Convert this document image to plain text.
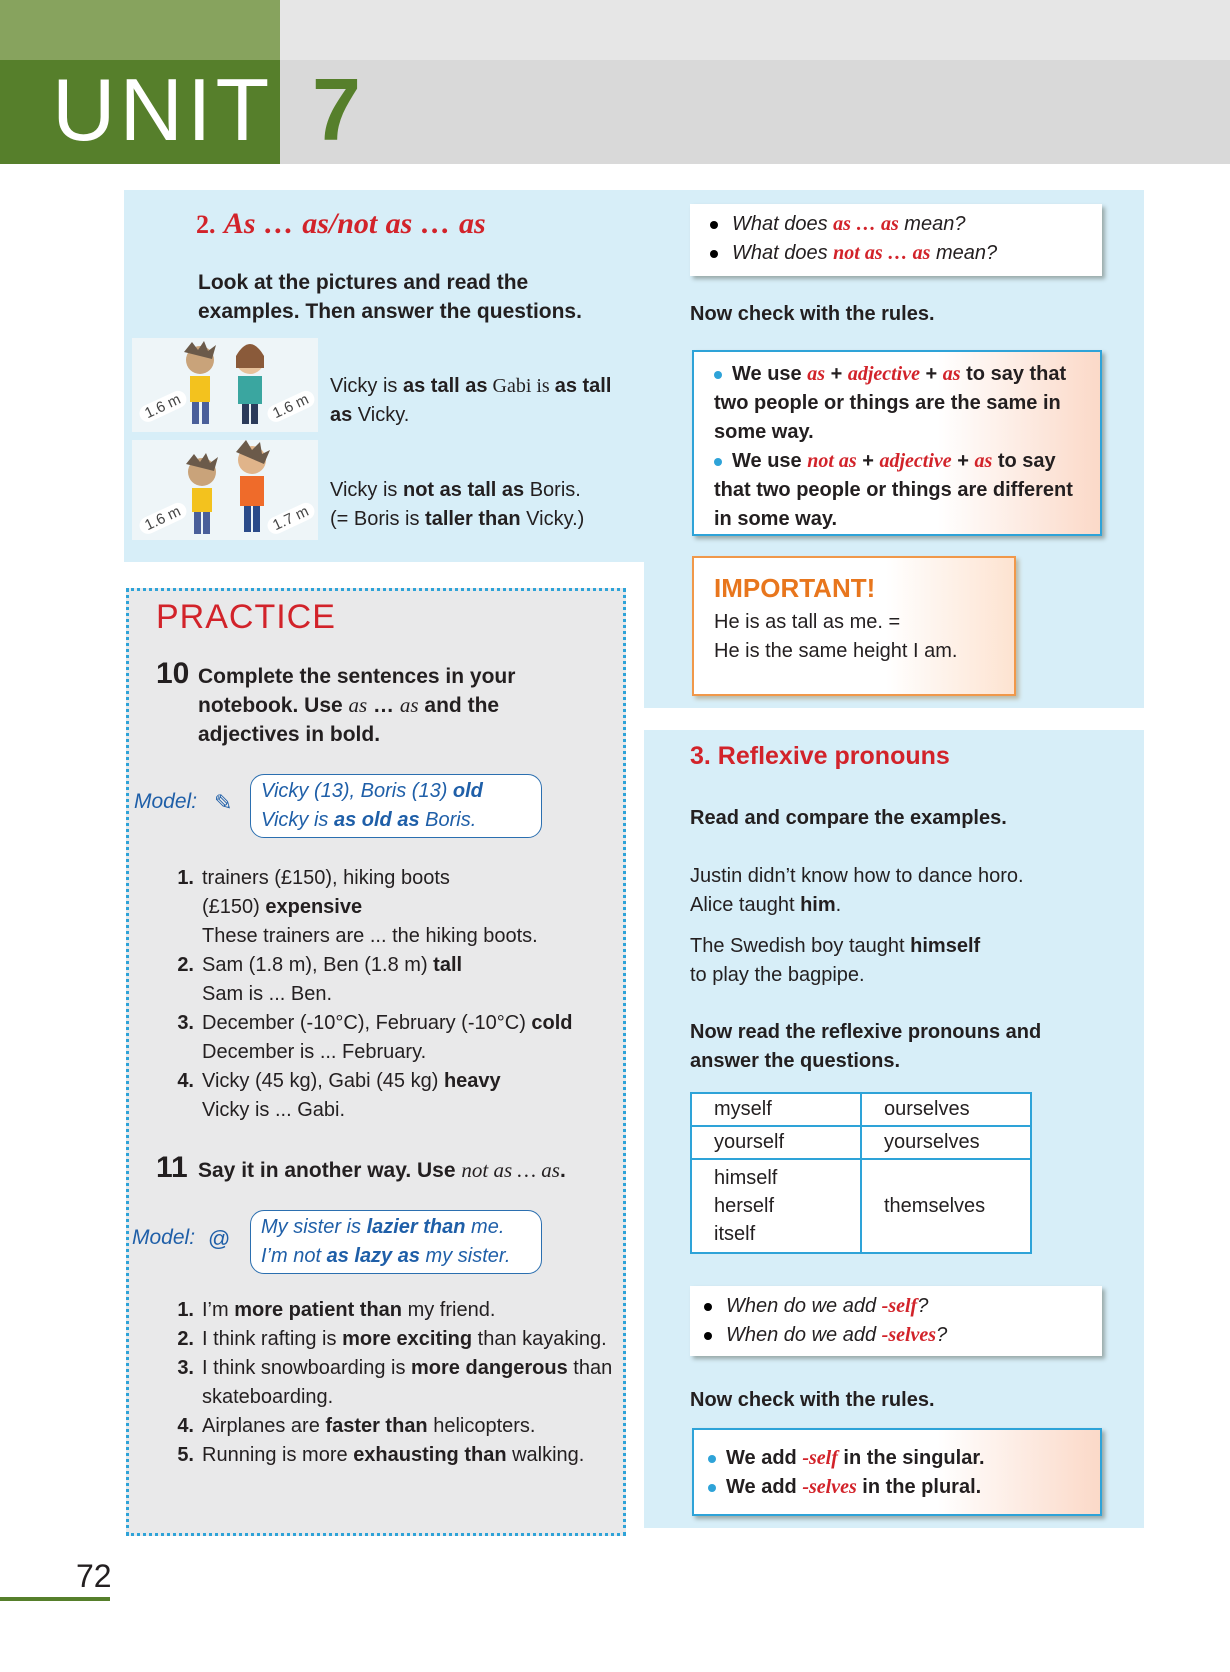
UNIT 7
2. As … as/not as … as
Look at the pictures and read the examples. Then answer the questions.
1.6 m	1.6 m
Vicky is as tall as Gabi is as tall as Vicky.
1.6 m	1.7 m
Vicky is not as tall as Boris.
(= Boris is taller than Vicky.)
What does as … as mean?
What does not as … as mean?
Now check with the rules.
We use as + adjective + as to say that two people or things are the same in some way.
We use not as + adjective + as to say that two people or things are different in some way.
IMPORTANT!
He is as tall as me. =
He is the same height I am.
PRACTICE
10 Complete the sentences in your notebook. Use as … as and the adjectives in bold.
Model: ✎ Vicky (13), Boris (13) old
Vicky is as old as Boris.
1. trainers (£150), hiking boots
(£150) expensive
These trainers are ... the hiking boots.
2. Sam (1.8 m), Ben (1.8 m) tall
Sam is ... Ben.
3. December (-10°C), February (-10°C) cold
December is ... February.
4. Vicky (45 kg), Gabi (45 kg) heavy
Vicky is ... Gabi.
11 Say it in another way. Use not as … as.
Model: @ My sister is lazier than me.
I’m not as lazy as my sister.
1. I’m more patient than my friend.
2. I think rafting is more exciting than kayaking.
3. I think snowboarding is more dangerous than skateboarding.
4. Airplanes are faster than helicopters.
5. Running is more exhausting than walking.
3. Reflexive pronouns
Read and compare the examples.
Justin didn’t know how to dance horo.
Alice taught him.
The Swedish boy taught himself
to play the bagpipe.
Now read the reflexive pronouns and answer the questions.
myself	ourselves
yourself	yourselves

himself
herself
itself	themselves
When do we add -self?
When do we add -selves?
Now check with the rules.
We add -self in the singular.
We add -selves in the plural.
72
